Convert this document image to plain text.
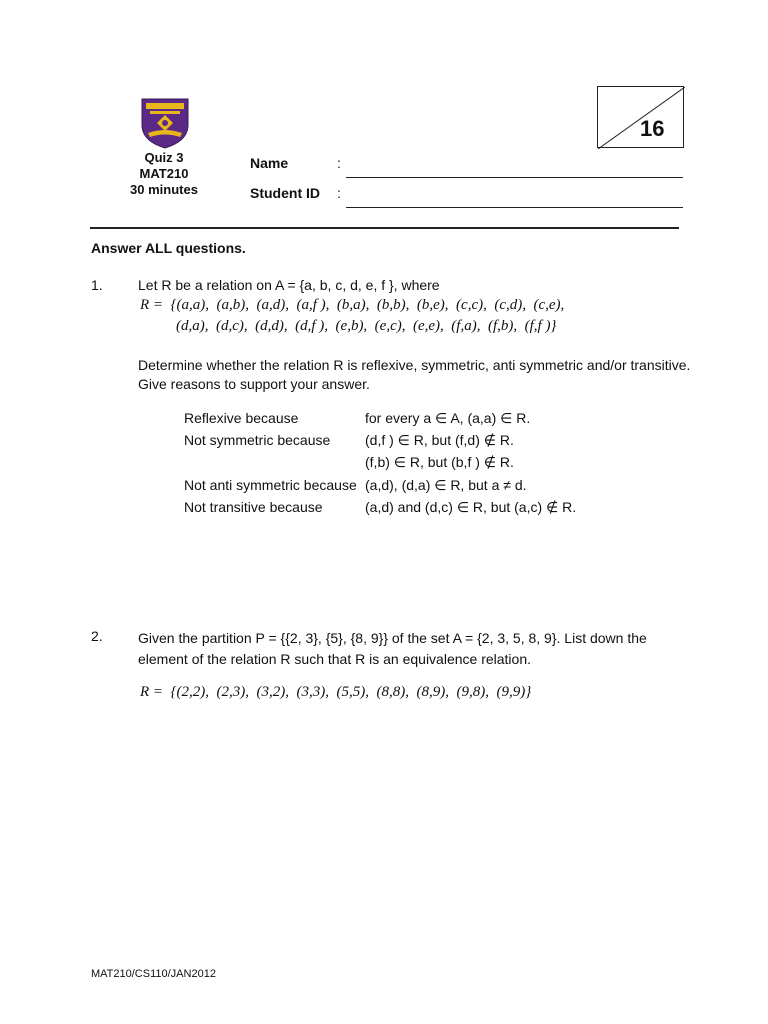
Quiz 3
MAT210
30 minutes
Name	:
Student ID :
16
Answer ALL questions.
1.	Let R be a relation on A = {a, b, c, d, e, f }, where
R =  {(a,a),  (a,b),  (a,d),  (a,f ),  (b,a),  (b,b),  (b,e),  (c,c),  (c,d),  (c,e),
(d,a),  (d,c),  (d,d),  (d,f ),  (e,b),  (e,c),  (e,e),  (f,a),  (f,b),  (f,f )}
Determine whether the relation R is reflexive, symmetric, anti symmetric and/or transitive. Give reasons to support your answer.
Reflexive because	for every a ∈ A, (a,a) ∈ R.
Not symmetric because (d,f ) ∈ R, but (f,d) ∉ R.
(f,b) ∈ R, but (b,f ) ∉ R.
Not anti symmetric because (a,d), (d,a) ∈ R, but a ≠ d.
Not transitive because	(a,d) and (d,c) ∈ R, but (a,c) ∉ R.
2.	Given the partition P = {{2, 3}, {5}, {8, 9}} of the set A = {2, 3, 5, 8, 9}. List down the element of the relation R such that R is an equivalence relation.
R =  {(2,2),  (2,3),  (3,2),  (3,3),  (5,5),  (8,8),  (8,9),  (9,8),  (9,9)}
MAT210/CS110/JAN2012
